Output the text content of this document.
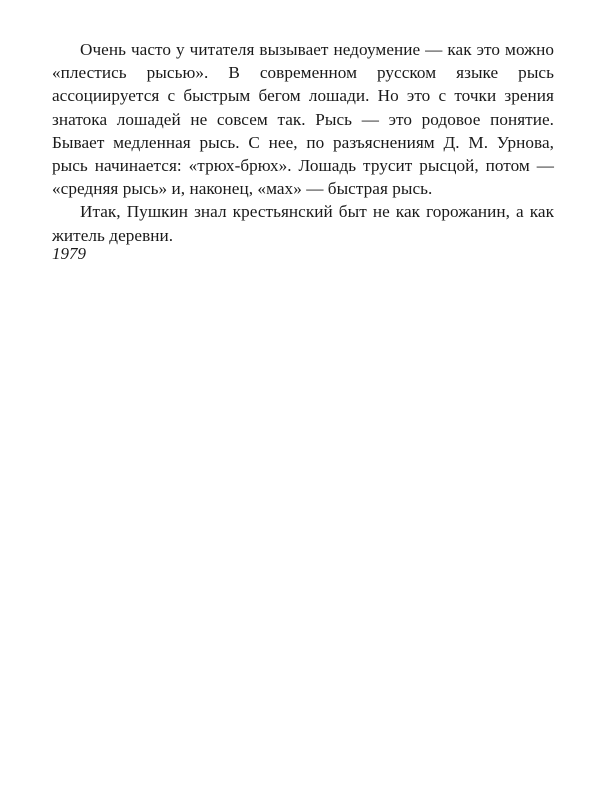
Очень часто у читателя вызывает недоумение — как это можно «плестись рысью». В современном русском языке рысь ассоциируется с быстрым бегом лошади. Но это с точки зрения знатока лошадей не совсем так. Рысь — это родовое понятие. Бывает медленная рысь. С нее, по разъяснениям Д. М. Урнова, рысь начинается: «трюх-брюх». Лошадь трусит рысцой, потом — «средняя рысь» и, наконец, «мах» — быстрая рысь.

Итак, Пушкин знал крестьянский быт не как горожанин, а как житель деревни.

1979
